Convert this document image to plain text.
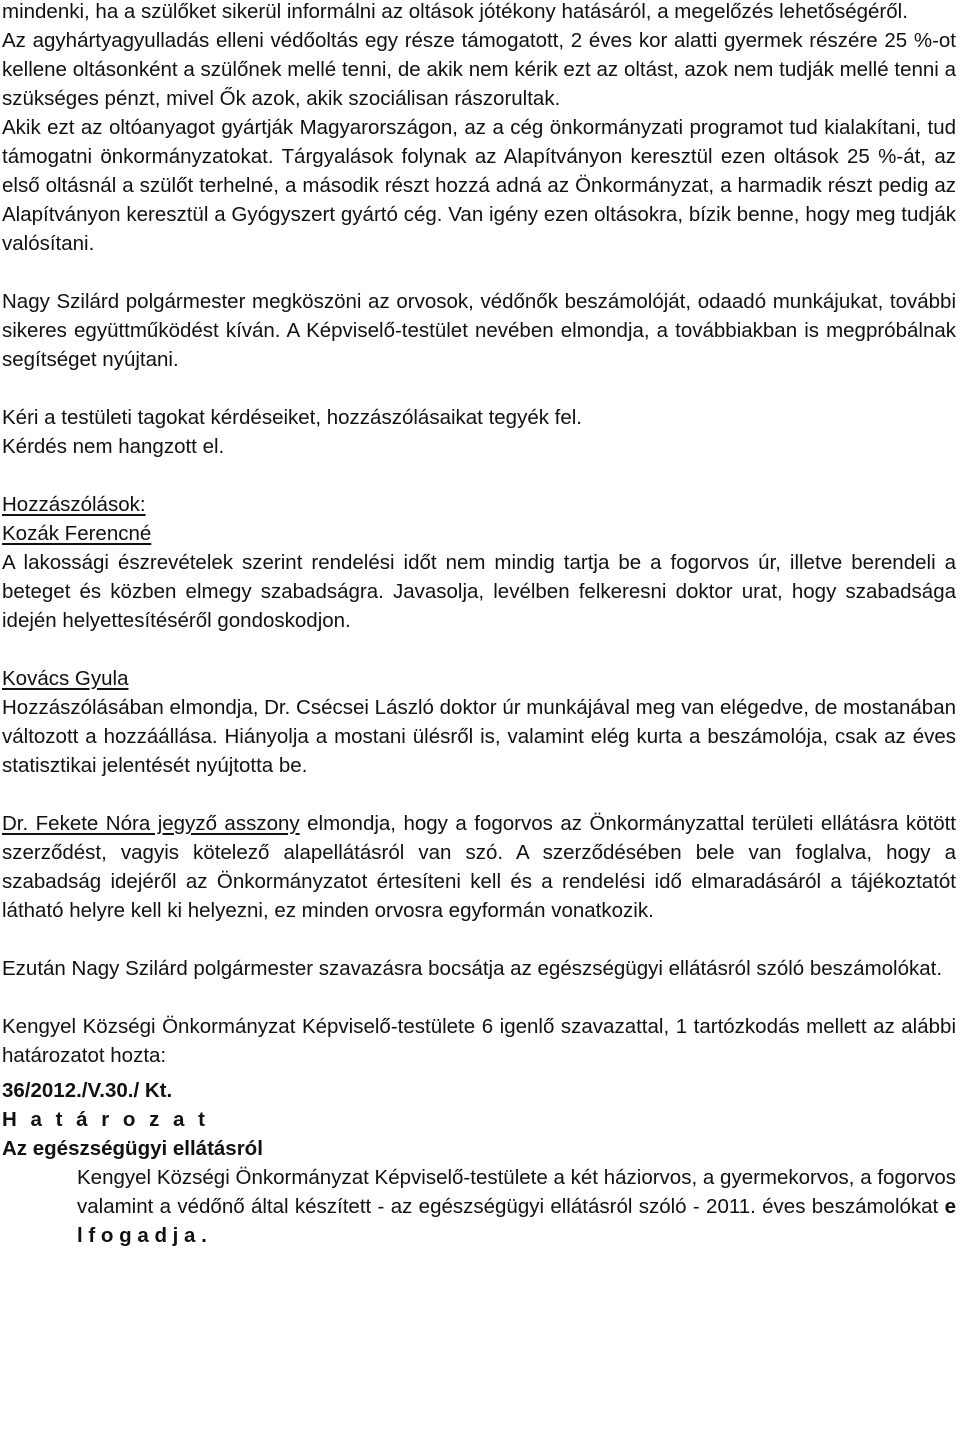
mindenki, ha a szülőket sikerül informálni az oltások jótékony hatásáról, a megelőzés lehetőségéről.

Az agyhártyagyulladás elleni védőoltás egy része támogatott, 2 éves kor alatti gyermek részére 25 %-ot kellene oltásonként a szülőnek mellé tenni, de akik nem kérik ezt az oltást, azok nem tudják mellé tenni a szükséges pénzt, mivel Ők azok, akik szociálisan rászorultak.

Akik ezt az oltóanyagot gyártják Magyarországon, az a cég önkormányzati programot tud kialakítani, tud támogatni önkormányzatokat. Tárgyalások folynak az Alapítványon keresztül ezen oltások 25 %-át, az első oltásnál a szülőt terhelné, a második részt hozzá adná az Önkormányzat, a harmadik részt pedig az Alapítványon keresztül a Gyógyszert gyártó cég. Van igény ezen oltásokra, bízik benne, hogy meg tudják valósítani.

Nagy Szilárd polgármester megköszöni az orvosok, védőnők beszámolóját, odaadó munkájukat, további sikeres együttműködést kíván. A Képviselő-testület nevében elmondja, a továbbiakban is megpróbálnak segítséget nyújtani.

Kéri a testületi tagokat kérdéseiket, hozzászólásaikat tegyék fel.

Kérdés nem hangzott el.

Hozzászólások:

Kozák Ferencné

A lakossági észrevételek szerint rendelési időt nem mindig tartja be a fogorvos úr, illetve berendeli a beteget és közben elmegy szabadságra. Javasolja, levélben felkeresni doktor urat, hogy szabadsága idején helyettesítéséről gondoskodjon.

Kovács Gyula

Hozzászólásában elmondja, Dr. Csécsei László doktor úr munkájával meg van elégedve, de mostanában változott a hozzáállása. Hiányolja a mostani ülésről is, valamint elég kurta a beszámolója, csak az éves statisztikai jelentését nyújtotta be.

Dr. Fekete Nóra jegyző asszony elmondja, hogy a fogorvos az Önkormányzattal területi ellátásra kötött szerződést, vagyis kötelező alapellátásról van szó. A szerződésében bele van foglalva, hogy a szabadság idejéről az Önkormányzatot értesíteni kell és a rendelési idő elmaradásáról a tájékoztatót látható helyre kell ki helyezni, ez minden orvosra egyformán vonatkozik.

Ezután Nagy Szilárd polgármester szavazásra bocsátja az egészségügyi ellátásról szóló beszámolókat.

Kengyel Községi Önkormányzat Képviselő-testülete 6 igenlő szavazattal, 1 tartózkodás mellett az alábbi határozatot hozta:

36/2012./V.30./ Kt.

H a t á r o z a t

Az egészségügyi ellátásról

Kengyel Községi Önkormányzat Képviselő-testülete a két háziorvos, a gyermekorvos, a fogorvos valamint a védőnő által készített - az egészségügyi ellátásról szóló - 2011. éves beszámolókat e l f o g a d j a .
